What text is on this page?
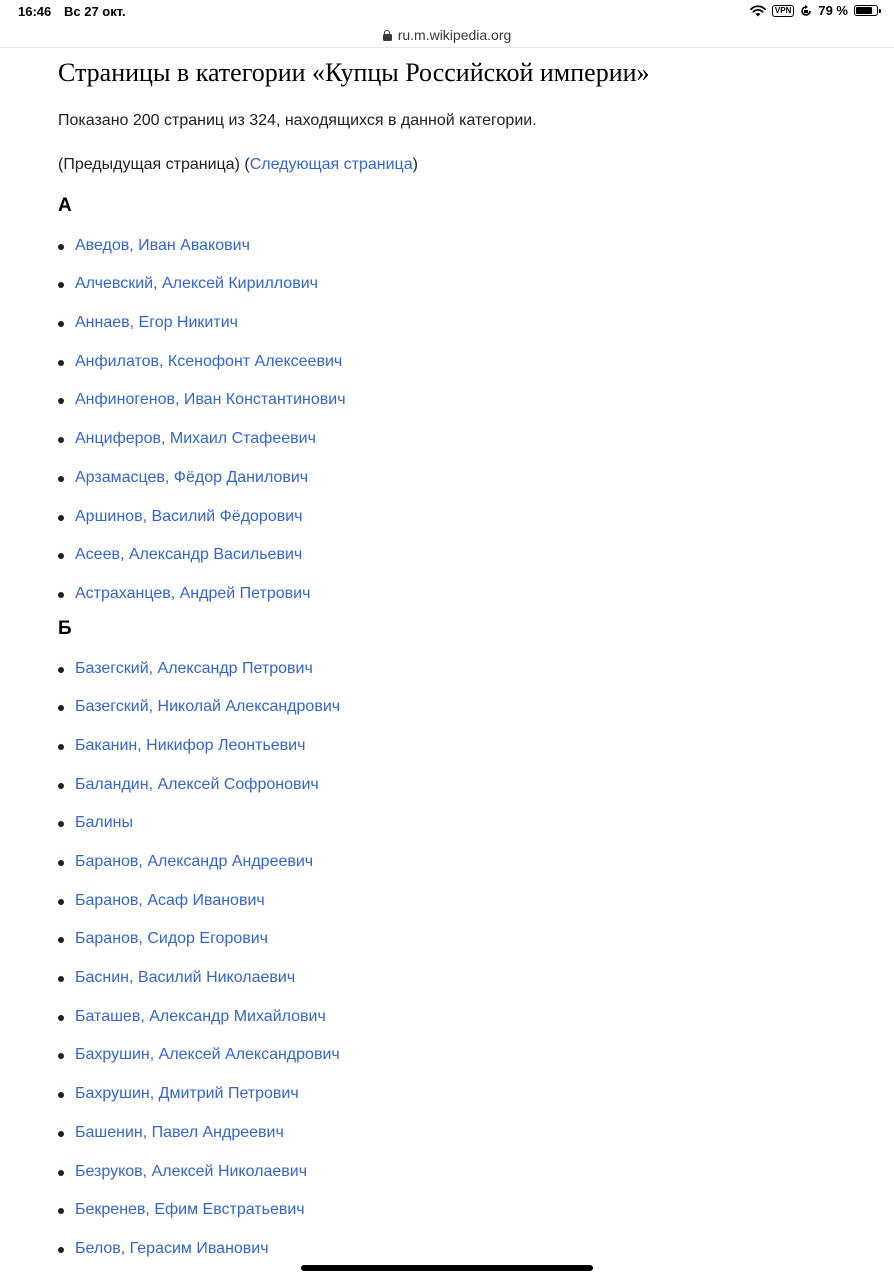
16:46 Вс 27 окт.	VPN 79 %
ru.m.wikipedia.org
Страницы в категории «Купцы Российской империи»

Показано 200 страниц из 324, находящихся в данной категории.

(Предыдущая страница) (Следующая страница)

А
Аведов, Иван Авакович
Алчевский, Алексей Кириллович
Аннаев, Егор Никитич
Анфилатов, Ксенофонт Алексеевич
Анфиногенов, Иван Константинович
Анциферов, Михаил Стафеевич
Арзамасцев, Фёдор Данилович
Аршинов, Василий Фёдорович
Асеев, Александр Васильевич
Астраханцев, Андрей Петрович
Б
Базегский, Александр Петрович
Базегский, Николай Александрович
Баканин, Никифор Леонтьевич
Баландин, Алексей Софронович
Балины
Баранов, Александр Андреевич
Баранов, Асаф Иванович
Баранов, Сидор Егорович
Баснин, Василий Николаевич
Баташев, Александр Михайлович
Бахрушин, Алексей Александрович
Бахрушин, Дмитрий Петрович
Башенин, Павел Андреевич
Безруков, Алексей Николаевич
Бекренев, Ефим Евстратьевич
Белов, Герасим Иванович
